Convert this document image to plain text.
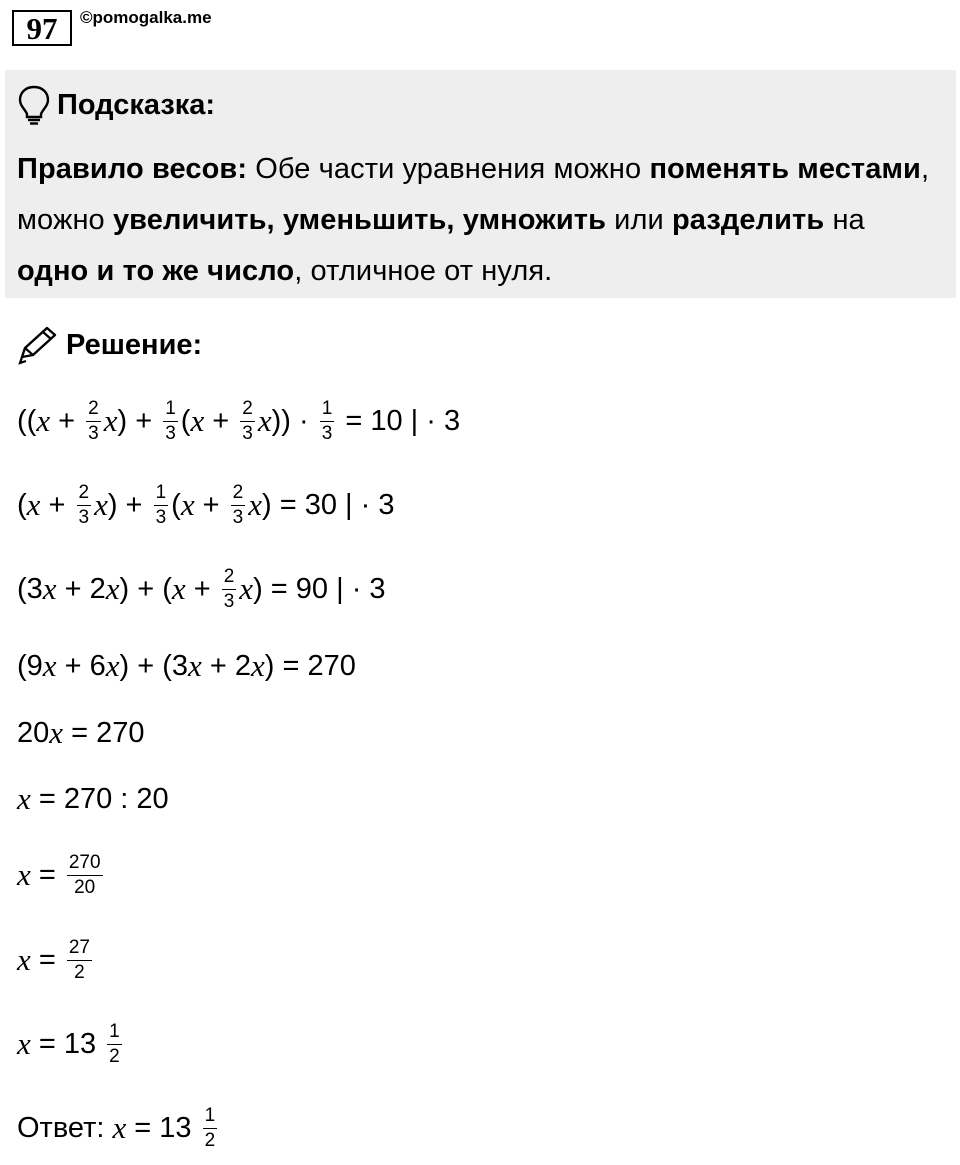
97	©pomogalka.me
Подсказка:
Правило весов: Обе части уравнения можно поменять местами, можно увеличить, уменьшить, умножить или разделить на одно и то же число, отличное от нуля.
Решение:
(( $x + \frac{2}{3}$ x ) + $\frac{1}{3}$ ( $x + \frac{2}{3}$ x )) · $\frac{1}{3} = 10$ | · 3
( $x + \frac{2}{3}$ x ) + $\frac{1}{3}$ ( $x + \frac{2}{3}$ x ) = 30 | · 3
(3 x + 2 x ) + ( $x + \frac{2}{3}$ x ) = 90 | · 3
(9 x + 6 x ) + (3 x + 2 x ) = 270
20 x = 270
x = 270 : 20
$x = \frac{270}{20}$
$x = \frac{27}{2}$
$x = 13 \frac{1}{2}$
Ответ: $x = 13 \frac{1}{2}$
